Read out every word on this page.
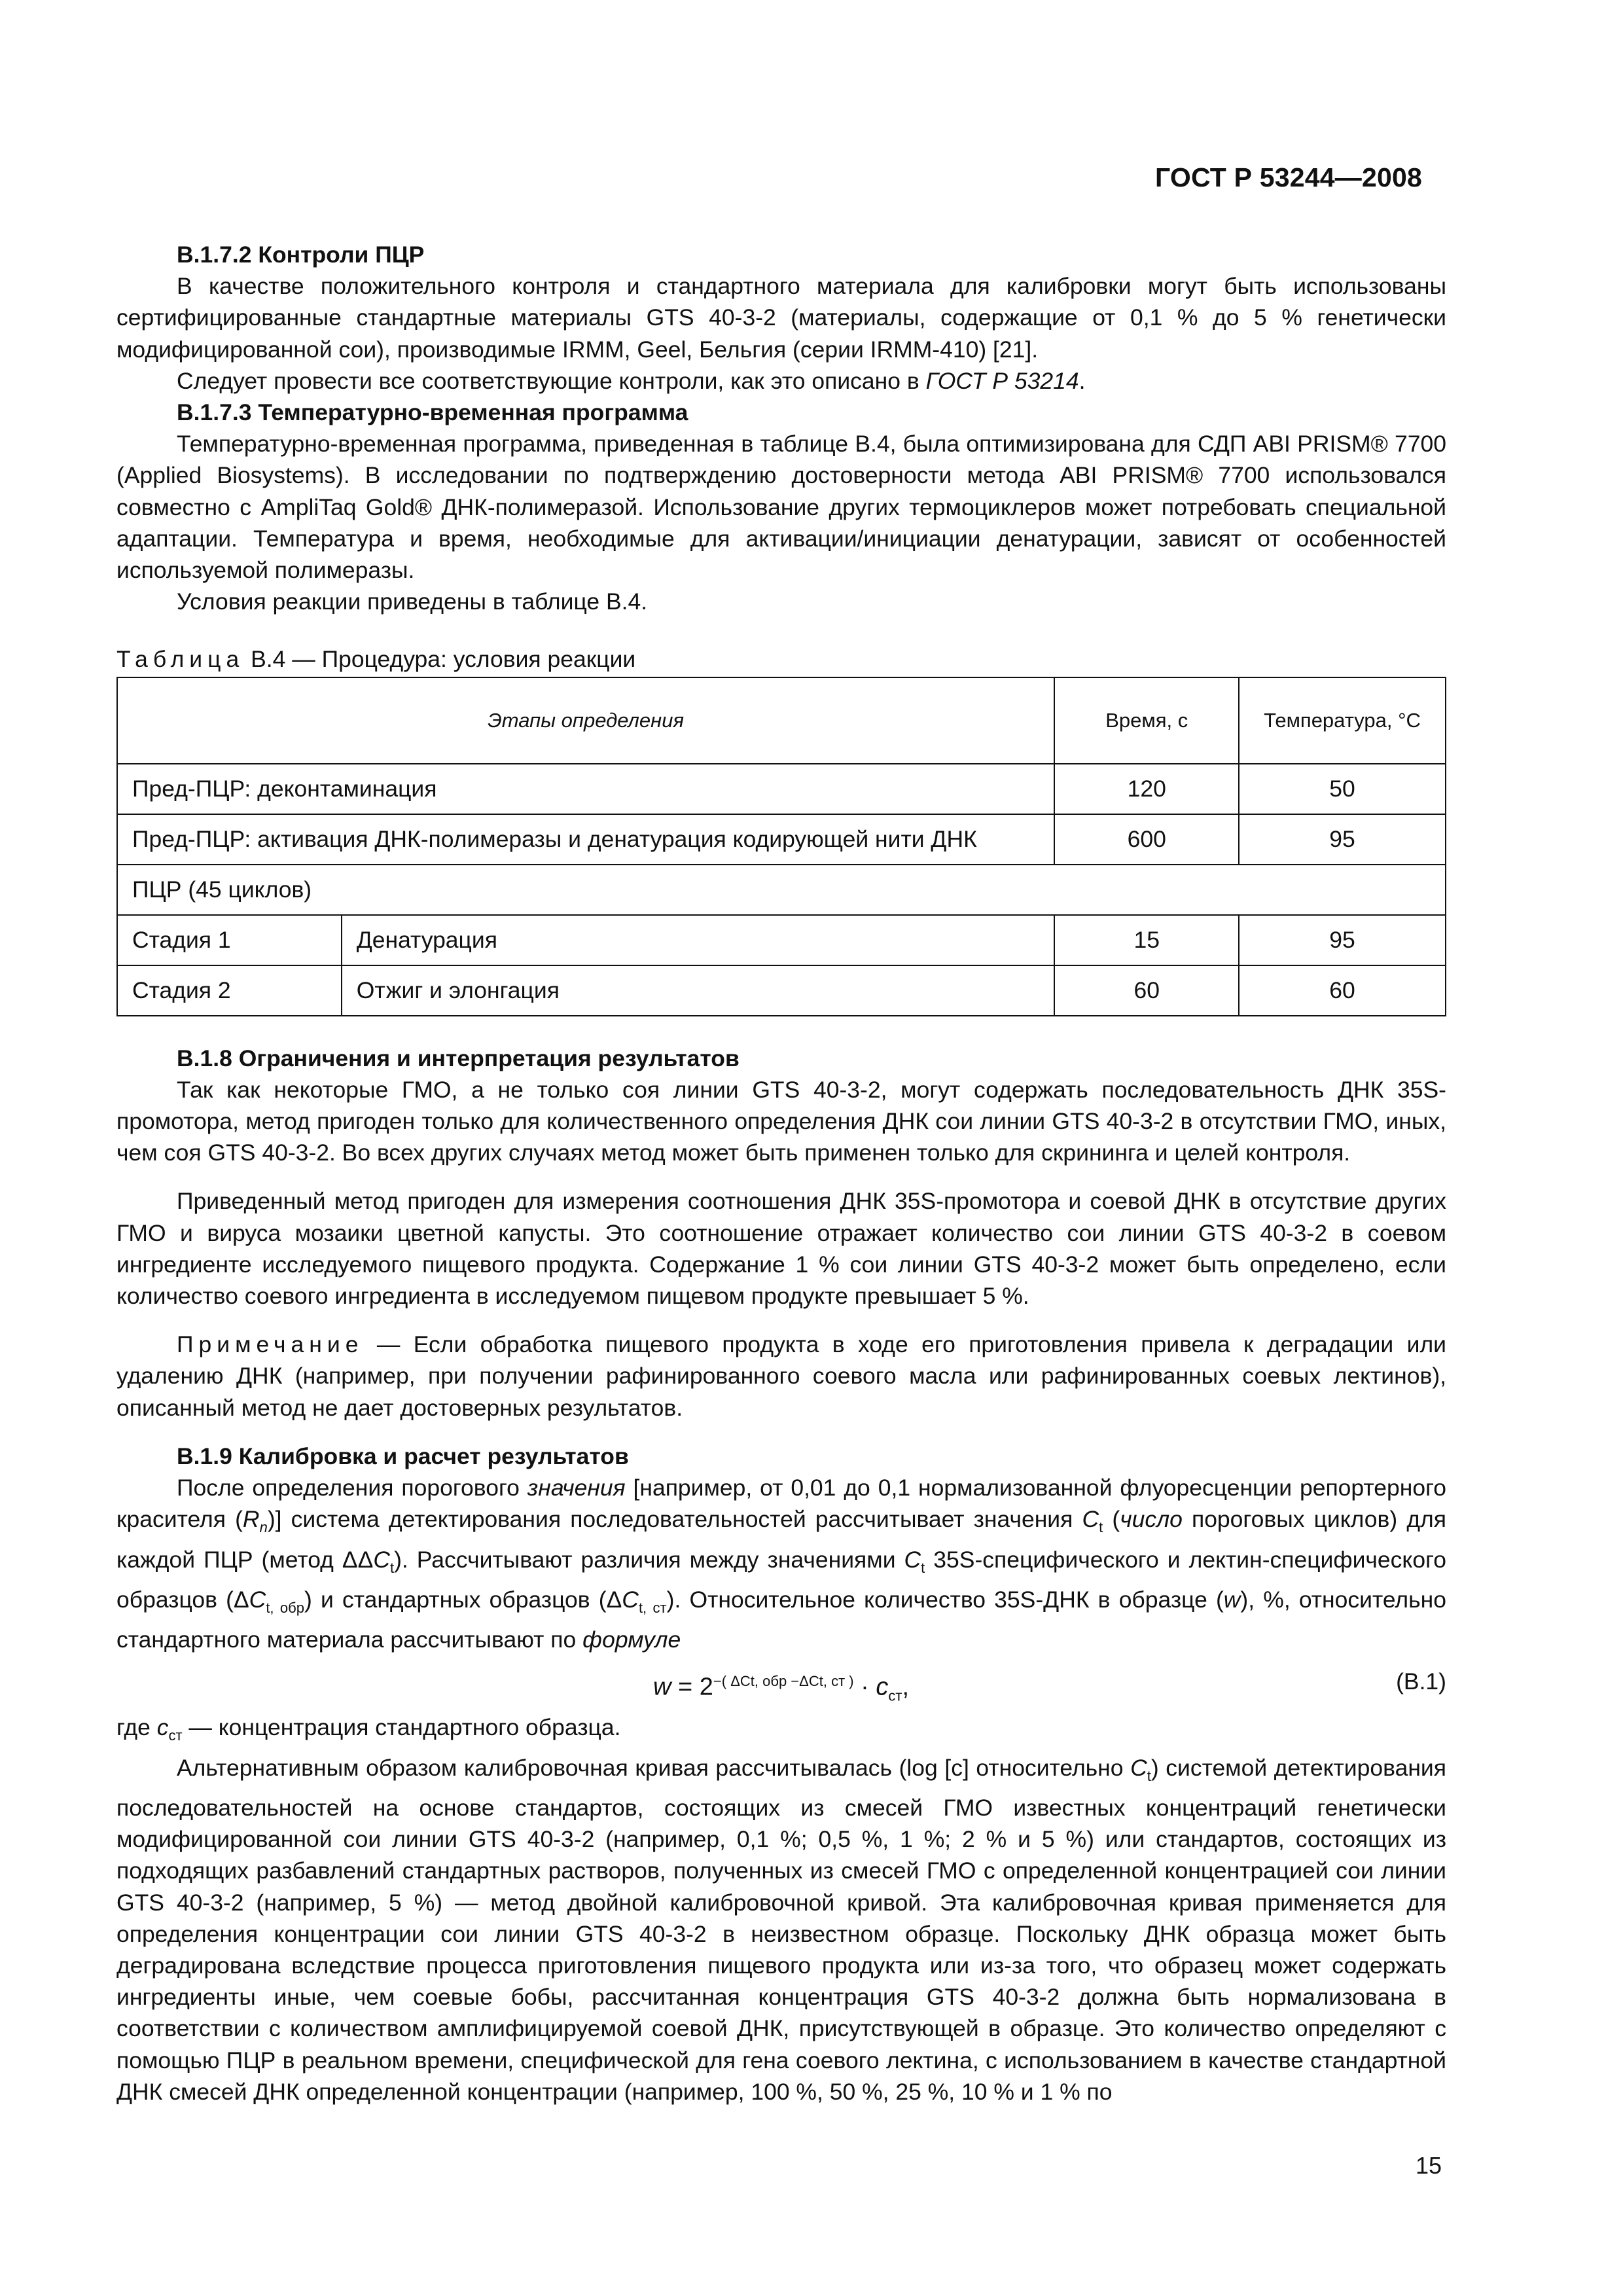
ГОСТ Р 53244—2008

В.1.7.2 Контроли ПЦР

В качестве положительного контроля и стандартного материала для калибровки могут быть использованы сертифицированные стандартные материалы GTS 40-3-2 (материалы, содержащие от 0,1 % до 5 % генетически модифицированной сои), производимые IRMM, Geel, Бельгия (серии IRMM-410) [21].

Следует провести все соответствующие контроли, как это описано в ГОСТ Р 53214.

В.1.7.3 Температурно-временная программа

Температурно-временная программа, приведенная в таблице В.4, была оптимизирована для СДП ABI PRISM® 7700 (Applied Biosystems). В исследовании по подтверждению достоверности метода ABI PRISM® 7700 использовался совместно с AmpliTaq Gold® ДНК-полимеразой. Использование других термоциклеров может потребовать специальной адаптации. Температура и время, необходимые для активации/инициации денатурации, зависят от особенностей используемой полимеразы.

Условия реакции приведены в таблице В.4.

Таблица В.4 — Процедура: условия реакции

Этапы определения		Время, с	Температура, °С
Пред-ПЦР: деконтаминация		120	50
Пред-ПЦР: активация ДНК-полимеразы и денатурация кодирующей нити ДНК		600	95
ПЦР (45 циклов)			
Стадия 1	Денатурация	15	95
Стадия 2	Отжиг и элонгация	60	60

В.1.8 Ограничения и интерпретация результатов

Так как некоторые ГМО, а не только соя линии GTS 40-3-2, могут содержать последовательность ДНК 35S-промотора, метод пригоден только для количественного определения ДНК сои линии GTS 40-3-2 в отсутствии ГМО, иных, чем соя GTS 40-3-2. Во всех других случаях метод может быть применен только для скрининга и целей контроля.

Приведенный метод пригоден для измерения соотношения ДНК 35S-промотора и соевой ДНК в отсутствие других ГМО и вируса мозаики цветной капусты. Это соотношение отражает количество сои линии GTS 40-3-2 в соевом ингредиенте исследуемого пищевого продукта. Содержание 1 % сои линии GTS 40-3-2 может быть определено, если количество соевого ингредиента в исследуемом пищевом продукте превышает 5 %.

Примечание — Если обработка пищевого продукта в ходе его приготовления привела к деградации или удалению ДНК (например, при получении рафинированного соевого масла или рафинированных соевых лектинов), описанный метод не дает достоверных результатов.

В.1.9 Калибровка и расчет результатов

После определения порогового значения [например, от 0,01 до 0,1 нормализованной флуоресценции репортерного красителя $(R_n)$] система детектирования последовательностей рассчитывает значения $C_t$ (число пороговых циклов) для каждой ПЦР (метод $\Delta\Delta C_t$). Рассчитывают различия между значениями $C_t$ 35S-специфического и лектин-специфического образцов $(\Delta C_{t, обр})$ и стандартных образцов $(\Delta C_{t, ст})$. Относительное количество 35S-ДНК в образце (w), %, относительно стандартного материала рассчитывают по формуле

$w = 2^{-( \Delta Ct, обр -\Delta Ct, ст )} \cdot c_{ст}$,	(В.1)

где $c_{ст}$ — концентрация стандартного образца.

Альтернативным образом калибровочная кривая рассчитывалась (log [c] относительно $C_t$) системой детектирования последовательностей на основе стандартов, состоящих из смесей ГМО известных концентраций генетически модифицированной сои линии GTS 40-3-2 (например, 0,1 %; 0,5 %, 1 %; 2 % и 5 %) или стандартов, состоящих из подходящих разбавлений стандартных растворов, полученных из смесей ГМО с определенной концентрацией сои линии GTS 40-3-2 (например, 5 %) — метод двойной калибровочной кривой. Эта калибровочная кривая применяется для определения концентрации сои линии GTS 40-3-2 в неизвестном образце. Поскольку ДНК образца может быть деградирована вследствие процесса приготовления пищевого продукта или из-за того, что образец может содержать ингредиенты иные, чем соевые бобы, рассчитанная концентрация GTS 40-3-2 должна быть нормализована в соответствии с количеством амплифицируемой соевой ДНК, присутствующей в образце. Это количество определяют с помощью ПЦР в реальном времени, специфической для гена соевого лектина, с использованием в качестве стандартной ДНК смесей ДНК определенной концентрации (например, 100 %, 50 %, 25 %, 10 % и 1 % по

15
